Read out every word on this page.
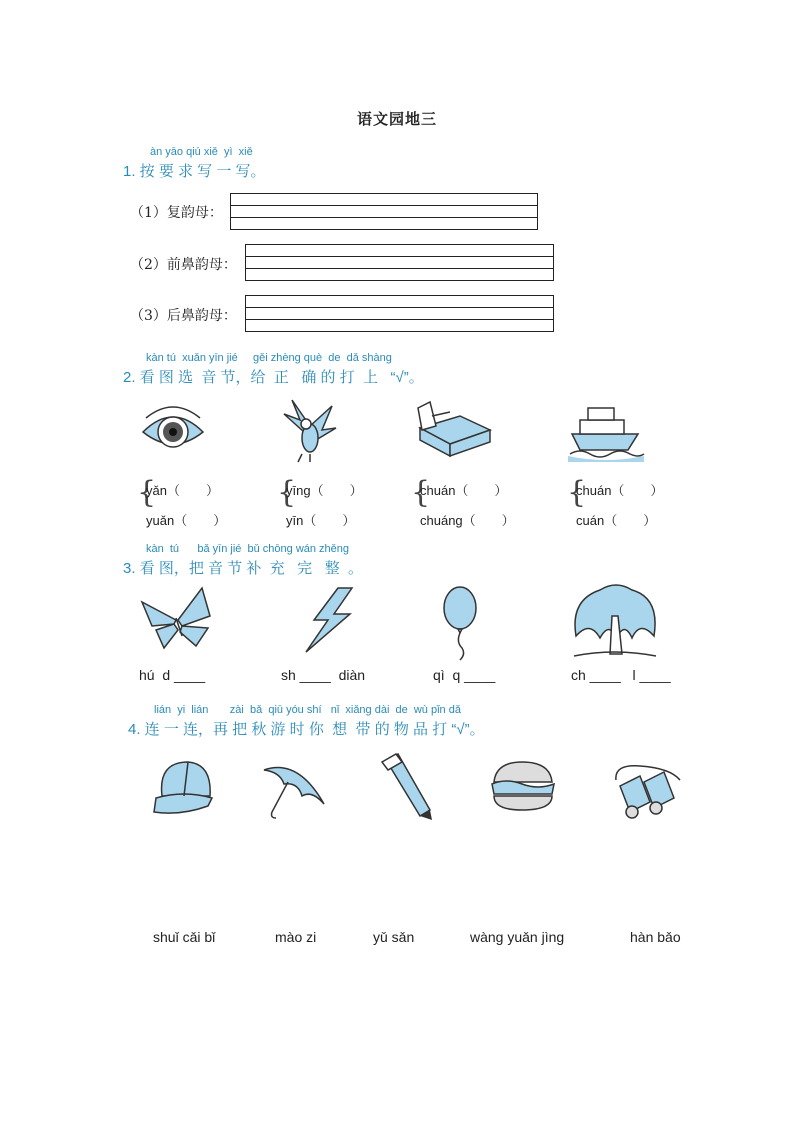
语文园地三
àn yāo qiú xiě  yì  xiě
1. 按 要 求 写 一 写。
（1）复韵母：
（2）前鼻韵母：
（3）后鼻韵母：
kàn tú  xuǎn yīn jié     gěi zhèng què  de  dǎ shàng
2. 看 图 选  音 节，给  正   确 的 打  上   “√”。
{
yǎn（　　）
yuǎn（　　）
{
yīng（　　）
yīn（　　）
{
chuán（　　）
chuáng（　　）
{
chuán（　　）
cuán（　　）
kàn  tú      bǎ yīn jié  bǔ chōng wán zhěng
3. 看 图，把 音 节 补  充   完   整  。
hú  d ____	sh ____  diàn	qì  q ____	ch ____   l ____
lián  yi  lián       zài  bǎ  qiū yóu shí   nǐ  xiǎng dài  de  wù pǐn dǎ
4. 连 一 连，再 把 秋 游 时 你  想  带 的 物 品 打 “√”。
shuǐ cǎi bǐ	mào zi	yǔ sǎn	wàng yuǎn jìng	hàn bǎo
